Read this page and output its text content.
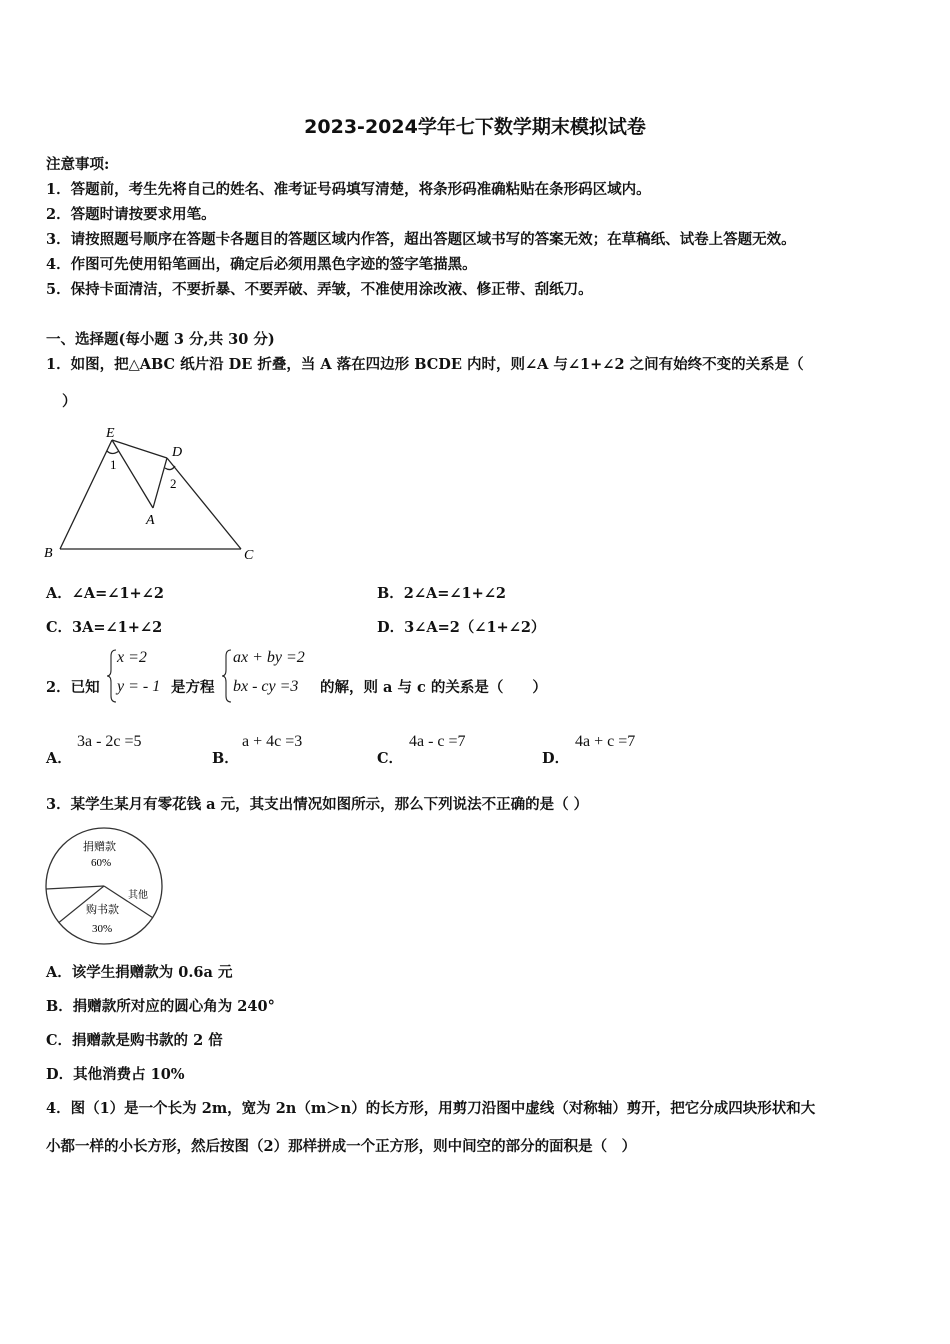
2023-2024学年七下数学期末模拟试卷
注意事项:
1．答题前，考生先将自己的姓名、准考证号码填写清楚，将条形码准确粘贴在条形码区域内。
2．答题时请按要求用笔。
3．请按照题号顺序在答题卡各题目的答题区域内作答，超出答题区域书写的答案无效；在草稿纸、试卷上答题无效。
4．作图可先使用铅笔画出，确定后必须用黑色字迹的签字笔描黑。
5．保持卡面清洁，不要折暴、不要弄破、弄皱，不准使用涂改液、修正带、刮纸刀。
一、选择题(每小题 3 分,共 30 分)
1．如图，把△ABC 纸片沿 DE 折叠，当 A 落在四边形 BCDE 内时，则∠A 与∠1+∠2 之间有始终不变的关系是（
）
E
D
A
B	C
1
2
A．∠A=∠1+∠2	B．2∠A=∠1+∠2
C．3A=∠1+∠2	D．3∠A=2（∠1+∠2）
2．已知
x =2
y = - 1 是方程
ax + by =2
bx - cy =3 的解，则 a 与 c 的关系是（　　）
A．
3a - 2c =5
B．
a + 4c =3
C．
4a - c =7
D．
4a + c =7
3．某学生某月有零花钱 a 元，其支出情况如图所示，那么下列说法不正确的是（ ）
捐赠款
60%
其他
购书款
30%
A．该学生捐赠款为 0.6a 元
B．捐赠款所对应的圆心角为 240°
C．捐赠款是购书款的 2 倍
D．其他消费占 10%
4．图（1）是一个长为 2m，宽为 2n（m＞n）的长方形，用剪刀沿图中虚线（对称轴）剪开，把它分成四块形状和大
小都一样的小长方形，然后按图（2）那样拼成一个正方形，则中间空的部分的面积是（　）
